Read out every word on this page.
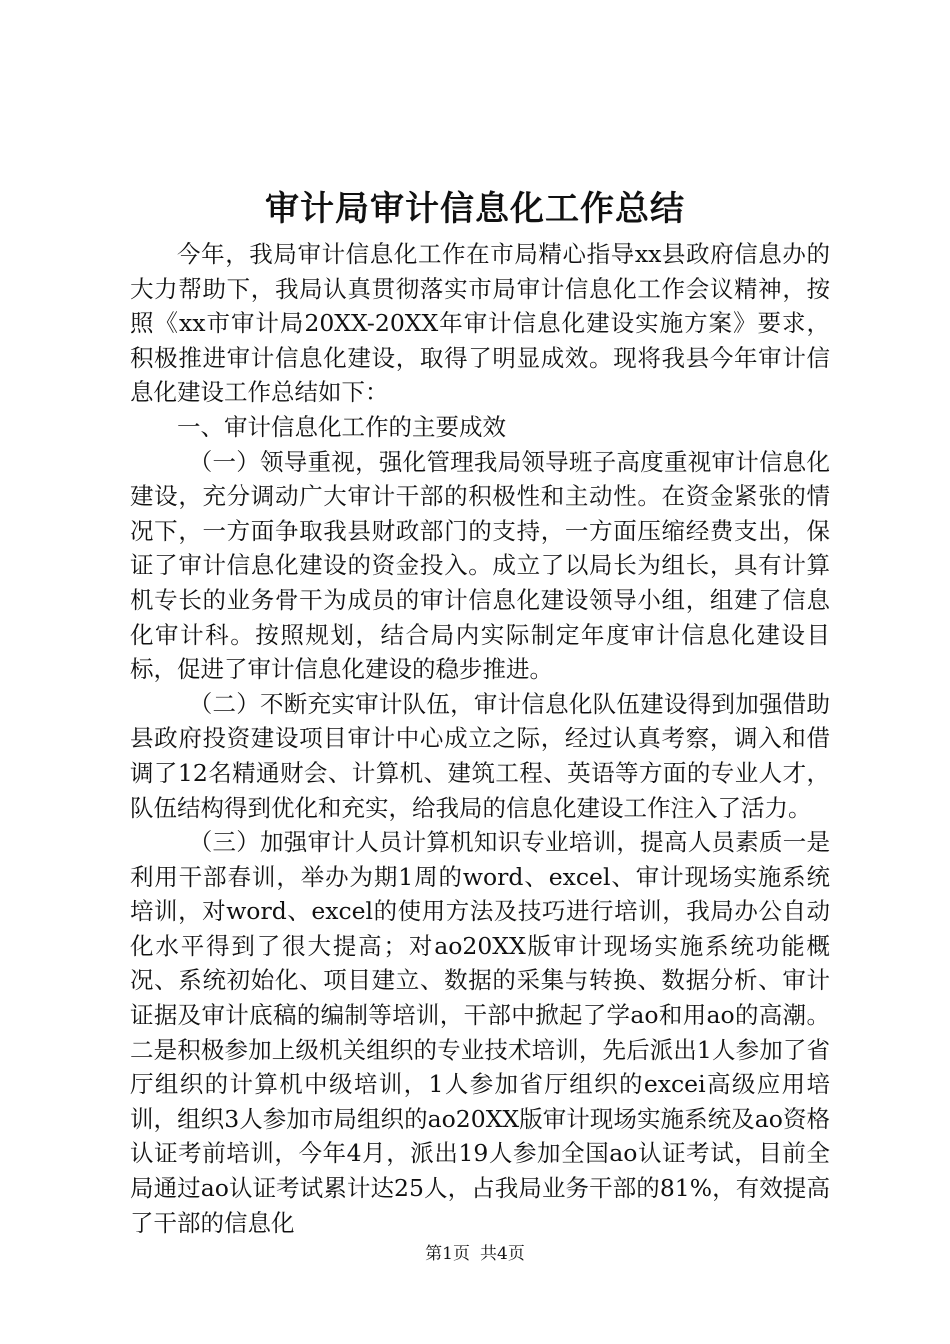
审计局审计信息化工作总结

今年，我局审计信息化工作在市局精心指导xx县政府信息办的大力帮助下，我局认真贯彻落实市局审计信息化工作会议精神，按照《xx市审计局20XX-20XX年审计信息化建设实施方案》要求，积极推进审计信息化建设，取得了明显成效。现将我县今年审计信息化建设工作总结如下：

一、审计信息化工作的主要成效

（一）领导重视，强化管理我局领导班子高度重视审计信息化建设，充分调动广大审计干部的积极性和主动性。在资金紧张的情况下，一方面争取我县财政部门的支持，一方面压缩经费支出，保证了审计信息化建设的资金投入。成立了以局长为组长，具有计算机专长的业务骨干为成员的审计信息化建设领导小组，组建了信息化审计科。按照规划，结合局内实际制定年度审计信息化建设目标，促进了审计信息化建设的稳步推进。

（二）不断充实审计队伍，审计信息化队伍建设得到加强借助县政府投资建设项目审计中心成立之际，经过认真考察，调入和借调了12名精通财会、计算机、建筑工程、英语等方面的专业人才，队伍结构得到优化和充实，给我局的信息化建设工作注入了活力。

（三）加强审计人员计算机知识专业培训，提高人员素质一是利用干部春训，举办为期1周的word、excel、审计现场实施系统培训，对word、excel的使用方法及技巧进行培训，我局办公自动化水平得到了很大提高；对ao20XX版审计现场实施系统功能概况、系统初始化、项目建立、数据的采集与转换、数据分析、审计证据及审计底稿的编制等培训，干部中掀起了学ao和用ao的高潮。二是积极参加上级机关组织的专业技术培训，先后派出1人参加了省厅组织的计算机中级培训，1人参加省厅组织的excei高级应用培训，组织3人参加市局组织的ao20XX版审计现场实施系统及ao资格认证考前培训，今年4月，派出19人参加全国ao认证考试，目前全局通过ao认证考试累计达25人，占我局业务干部的81%，有效提高了干部的信息化

第1页 共4页
